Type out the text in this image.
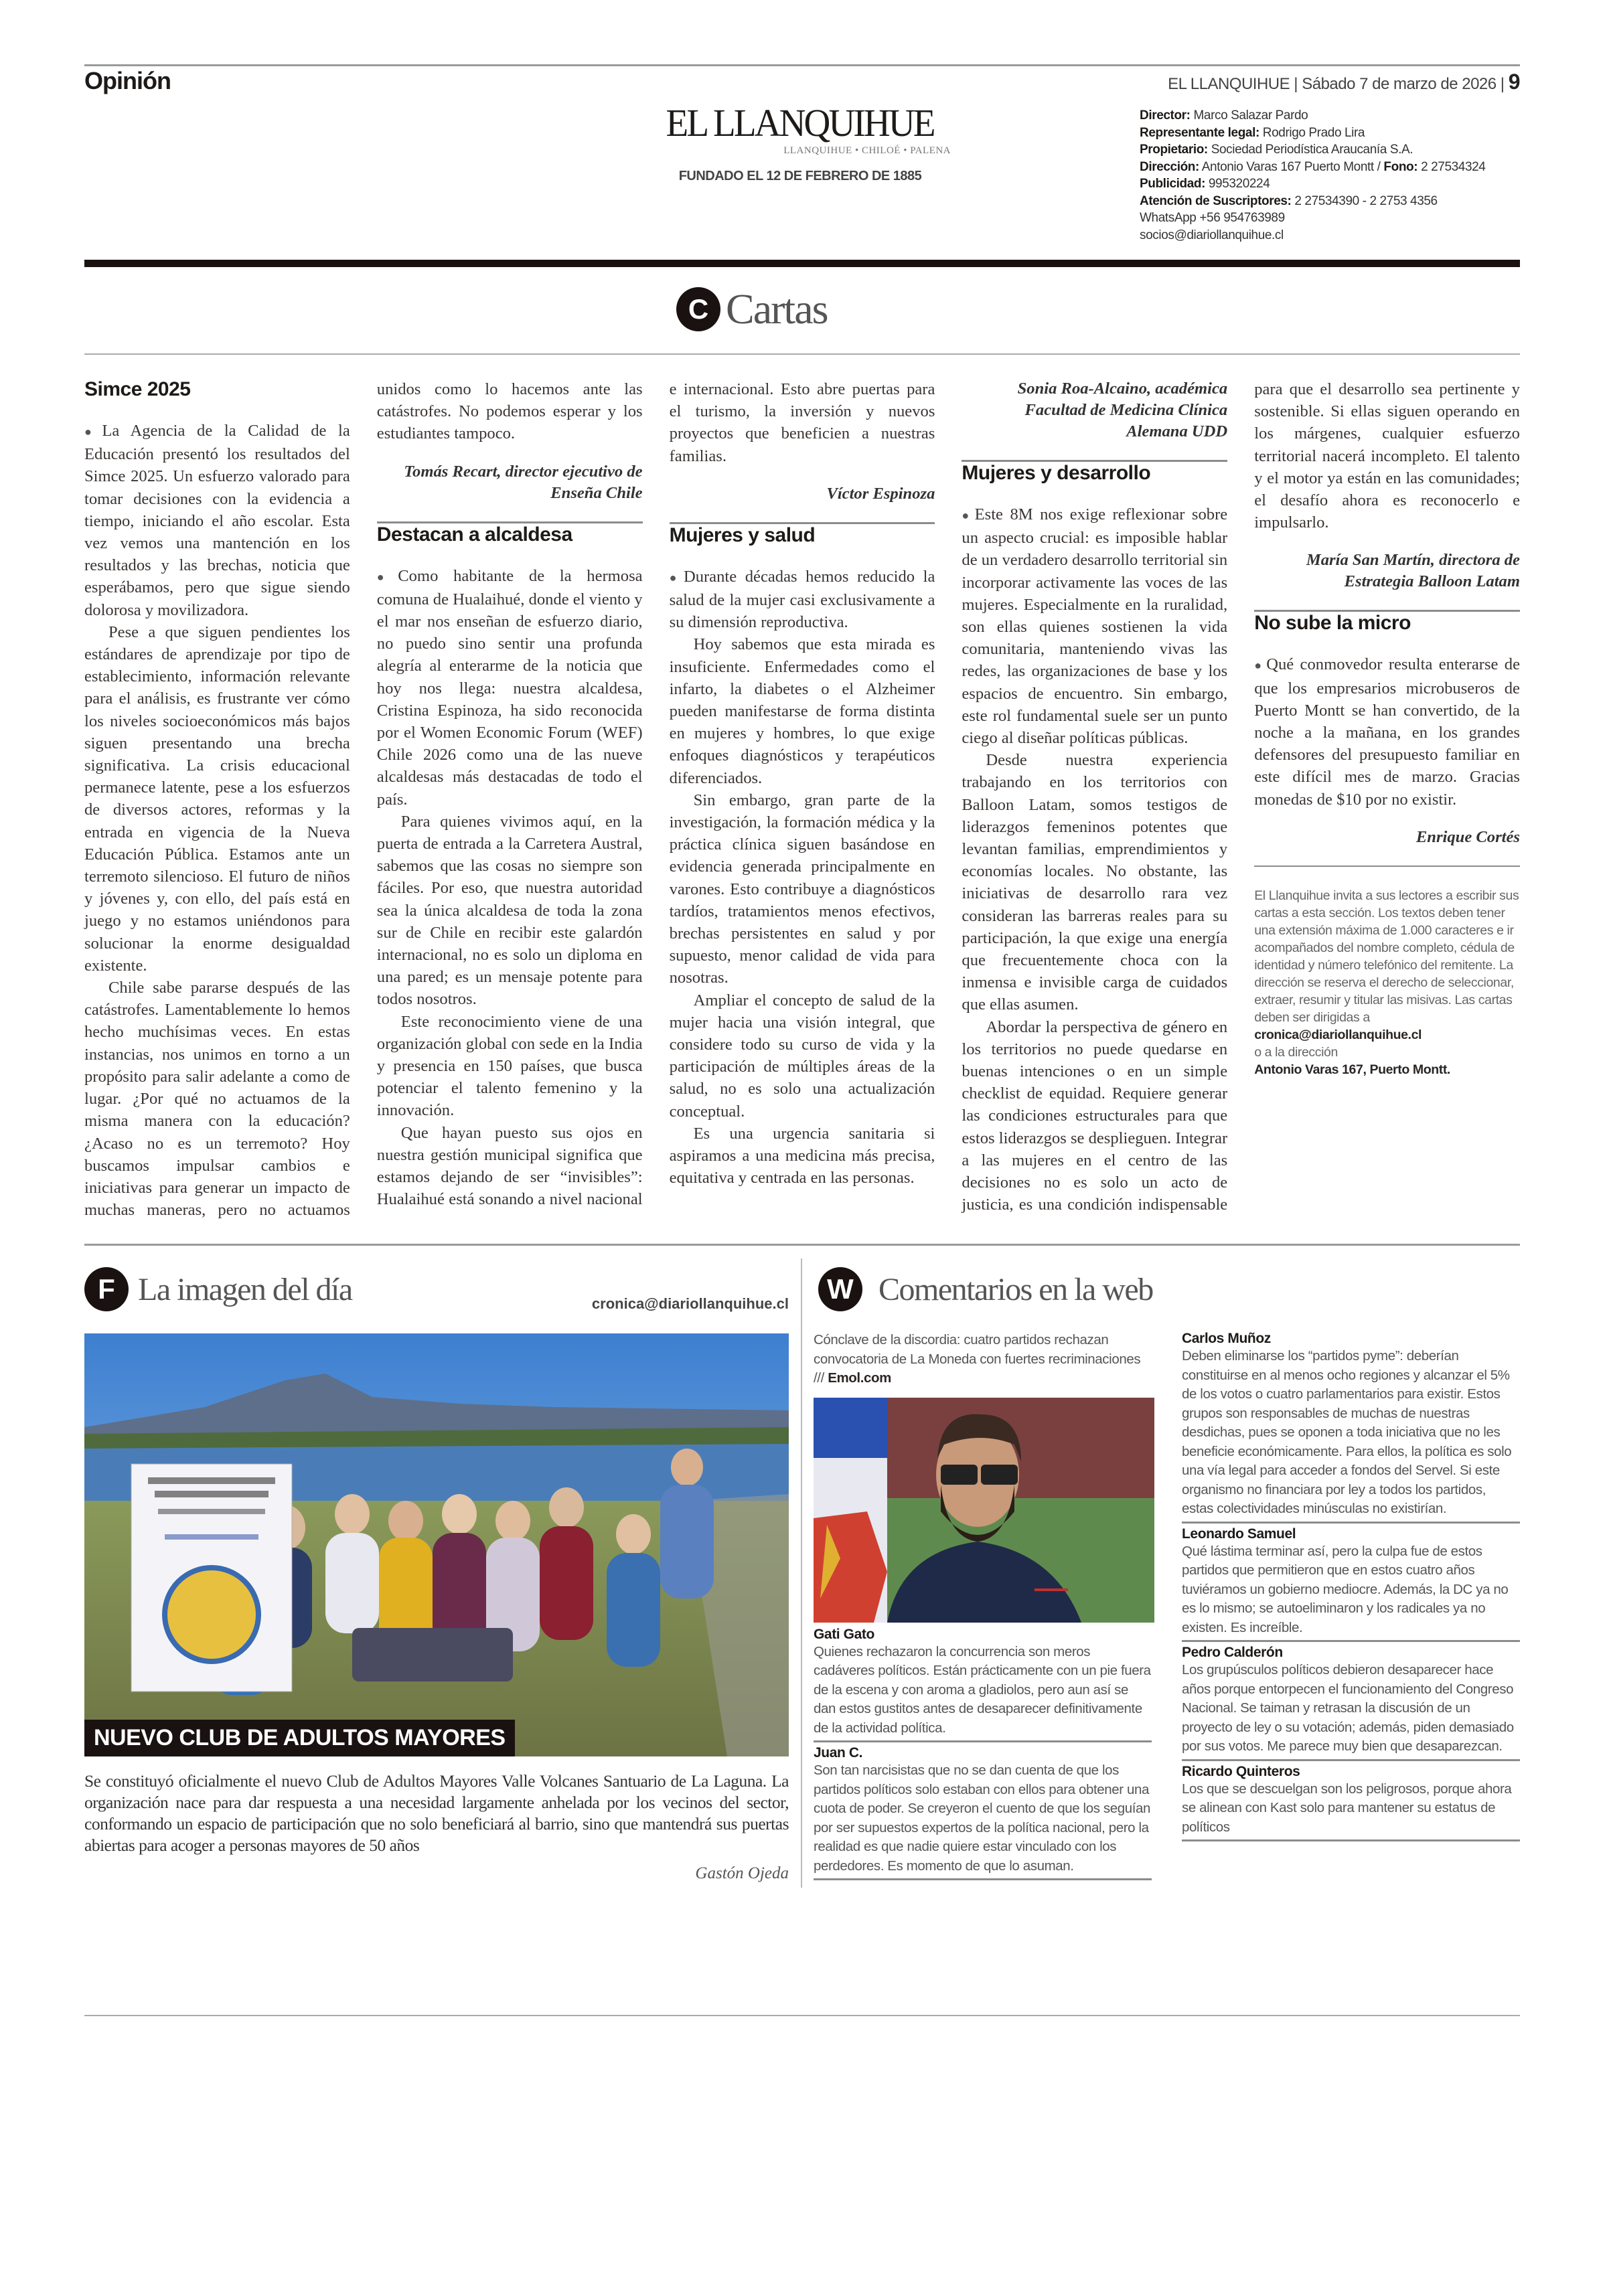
Opinión	EL LLANQUIHUE | Sábado 7 de marzo de 2026 | 9
EL LLANQUIHUE
LLANQUIHUE • CHILOÉ • PALENA
FUNDADO EL 12 DE FEBRERO DE 1885
Director: Marco Salazar Pardo
Representante legal: Rodrigo Prado Lira
Propietario: Sociedad Periodística Araucanía S.A.
Dirección: Antonio Varas 167 Puerto Montt / Fono: 2 27534324
Publicidad: 995320224
Atención de Suscriptores: 2 27534390 - 2 2753 4356
WhatsApp +56 954763989
socios@diariollanquihue.cl
C Cartas
Simce 2025

● La Agencia de la Calidad de la Educación presentó los resultados del Simce 2025. Un esfuerzo valorado para tomar decisiones con la evidencia a tiempo, iniciando el año escolar. Esta vez vemos una mantención en los resultados y las brechas, noticia que esperábamos, pero que sigue siendo dolorosa y movilizadora.

Pese a que siguen pendientes los estándares de aprendizaje por tipo de establecimiento, información relevante para el análisis, es frustrante ver cómo los niveles socioeconómicos más bajos siguen presentando una brecha significativa. La crisis educacional permanece latente, pese a los esfuerzos de diversos actores, reformas y la entrada en vigencia de la Nueva Educación Pública. Estamos ante un terremoto silencioso. El futuro de niños y jóvenes y, con ello, del país está en juego y no estamos uniéndonos para solucionar la enorme desigualdad existente.

Chile sabe pararse después de las catástrofes. Lamentablemente lo hemos hecho muchísimas veces. En estas instancias, nos unimos en torno a un propósito para salir adelante a como de lugar. ¿Por qué no actuamos de la misma manera con la educación? ¿Acaso no es un terremoto? Hoy buscamos impulsar cambios e iniciativas para generar un impacto de muchas maneras, pero no actuamos unidos como lo hacemos ante las catástrofes. No podemos esperar y los estudiantes tampoco.

Tomás Recart, director ejecutivo de Enseña Chile
Destacan a alcaldesa

● Como habitante de la hermosa comuna de Hualaihué, donde el viento y el mar nos enseñan de esfuerzo diario, no puedo sino sentir una profunda alegría al enterarme de la noticia que hoy nos llega: nuestra alcaldesa, Cristina Espinoza, ha sido reconocida por el Women Economic Forum (WEF) Chile 2026 como una de las nueve alcaldesas más destacadas de todo el país.

Para quienes vivimos aquí, en la puerta de entrada a la Carretera Austral, sabemos que las cosas no siempre son fáciles. Por eso, que nuestra autoridad sea la única alcaldesa de toda la zona sur de Chile en recibir este galardón internacional, no es solo un diploma en una pared; es un mensaje potente para todos nosotros.

Este reconocimiento viene de una organización global con sede en la India y presencia en 150 países, que busca potenciar el talento femenino y la innovación.

Que hayan puesto sus ojos en nuestra gestión municipal significa que estamos dejando de ser “invisibles”: Hualaihué está sonando a nivel nacional e internacional. Esto abre puertas para el turismo, la inversión y nuevos proyectos que beneficien a nuestras familias.

Víctor Espinoza
Mujeres y salud

● Durante décadas hemos reducido la salud de la mujer casi exclusivamente a su dimensión reproductiva.

Hoy sabemos que esta mirada es insuficiente. Enfermedades como el infarto, la diabetes o el Alzheimer pueden manifestarse de forma distinta en mujeres y hombres, lo que exige enfoques diagnósticos y terapéuticos diferenciados.

Sin embargo, gran parte de la investigación, la formación médica y la práctica clínica siguen basándose en evidencia generada principalmente en varones. Esto contribuye a diagnósticos tardíos, tratamientos menos efectivos, brechas persistentes en salud y por supuesto, menor calidad de vida para nosotras.

Ampliar el concepto de salud de la mujer hacia una visión integral, que considere todo su curso de vida y la participación de múltiples áreas de la salud, no es solo una actualización conceptual.

Es una urgencia sanitaria si aspiramos a una medicina más precisa, equitativa y centrada en las personas.

Sonia Roa-Alcaino, académica Facultad de Medicina Clínica Alemana UDD
Mujeres y desarrollo

● Este 8M nos exige reflexionar sobre un aspecto crucial: es imposible hablar de un verdadero desarrollo territorial sin incorporar activamente las voces de las mujeres. Especialmente en la ruralidad, son ellas quienes sostienen la vida comunitaria, manteniendo vivas las redes, las organizaciones de base y los espacios de encuentro. Sin embargo, este rol fundamental suele ser un punto ciego al diseñar políticas públicas.

Desde nuestra experiencia trabajando en los territorios con Balloon Latam, somos testigos de liderazgos femeninos potentes que levantan familias, emprendimientos y economías locales. No obstante, las iniciativas de desarrollo rara vez consideran las barreras reales para su participación, la que exige una energía que frecuentemente choca con la inmensa e invisible carga de cuidados que ellas asumen.

Abordar la perspectiva de género en los territorios no puede quedarse en buenas intenciones o en un simple checklist de equidad. Requiere generar las condiciones estructurales para que estos liderazgos se desplieguen. Integrar a las mujeres en el centro de las decisiones no es solo un acto de justicia, es una condición indispensable para que el desarrollo sea pertinente y sostenible. Si ellas siguen operando en los márgenes, cualquier esfuerzo territorial nacerá incompleto. El talento y el motor ya están en las comunidades; el desafío ahora es reconocerlo e impulsarlo.

María San Martín, directora de Estrategia Balloon Latam
No sube la micro

● Qué conmovedor resulta enterarse de que los empresarios microbuseros de Puerto Montt se han convertido, de la noche a la mañana, en los grandes defensores del presupuesto familiar en este difícil mes de marzo. Gracias monedas de $10 por no existir.

Enrique Cortés
El Llanquihue invita a sus lectores a escribir sus cartas a esta sección. Los textos deben tener una extensión máxima de 1.000 caracteres e ir acompañados del nombre completo, cédula de identidad y número telefónico del remitente. La dirección se reserva el derecho de seleccionar, extraer, resumir y titular las misivas. Las cartas deben ser dirigidas a
cronica@diariollanquihue.cl
o a la dirección
Antonio Varas 167, Puerto Montt.
F La imagen del día	cronica@diariollanquihue.cl
NUEVO CLUB DE ADULTOS MAYORES
Se constituyó oficialmente el nuevo Club de Adultos Mayores Valle Volcanes Santuario de La Laguna. La organización nace para dar respuesta a una necesidad largamente anhelada por los vecinos del sector, conformando un espacio de participación que no solo beneficiará al barrio, sino que mantendrá sus puertas abiertas para acoger a personas mayores de 50 años
Gastón Ojeda
W Comentarios en la web
Cónclave de la discordia: cuatro partidos rechazan convocatoria de La Moneda con fuertes recriminaciones /// Emol.com
Gati Gato

Quienes rechazaron la concurrencia son meros cadáveres políticos. Están prácticamente con un pie fuera de la escena y con aroma a gladiolos, pero aun así se dan estos gustitos antes de desaparecer definitivamente de la actividad política.

Juan C.

Son tan narcisistas que no se dan cuenta de que los partidos políticos solo estaban con ellos para obtener una cuota de poder. Se creyeron el cuento de que los seguían por ser supuestos expertos de la política nacional, pero la realidad es que nadie quiere estar vinculado con los perdedores. Es momento de que lo asuman.

Carlos Muñoz

Deben eliminarse los “partidos pyme”: deberían constituirse en al menos ocho regiones y alcanzar el 5% de los votos o cuatro parlamentarios para existir. Estos grupos son responsables de muchas de nuestras desdichas, pues se oponen a toda iniciativa que no les beneficie económicamente. Para ellos, la política es solo una vía legal para acceder a fondos del Servel. Si este organismo no financiara por ley a todos los partidos, estas colectividades minúsculas no existirían.

Leonardo Samuel

Qué lástima terminar así, pero la culpa fue de estos partidos que permitieron que en estos cuatro años tuviéramos un gobierno mediocre. Además, la DC ya no es lo mismo; se autoeliminaron y los radicales ya no existen. Es increíble.

Pedro Calderón

Los grupúsculos políticos debieron desaparecer hace años porque entorpecen el funcionamiento del Congreso Nacional. Se taiman y retrasan la discusión de un proyecto de ley o su votación; además, piden demasiado por sus votos. Me parece muy bien que desaparezcan.

Ricardo Quinteros

Los que se descuelgan son los peligrosos, porque ahora se alinean con Kast solo para mantener su estatus de políticos
